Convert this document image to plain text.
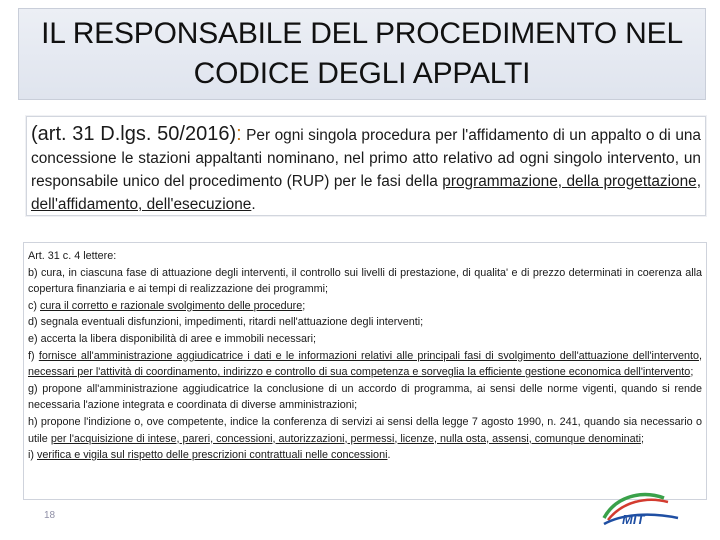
IL RESPONSABILE DEL PROCEDIMENTO NEL
CODICE DEGLI APPALTI

(art. 31 D.lgs. 50/2016): Per ogni singola procedura per l'affidamento di un appalto o di una concessione le stazioni appaltanti nominano, nel primo atto relativo ad ogni singolo intervento, un responsabile unico del procedimento (RUP) per le fasi della programmazione, della progettazione, dell'affidamento, dell'esecuzione.

Art. 31 c. 4 lettere:

b) cura, in ciascuna fase di attuazione degli interventi, il controllo sui livelli di prestazione, di qualita' e di prezzo determinati in coerenza alla copertura finanziaria e ai tempi di realizzazione dei programmi;

c) cura il corretto e razionale svolgimento delle procedure;

d) segnala eventuali disfunzioni, impedimenti, ritardi nell'attuazione degli interventi;

e) accerta la libera disponibilità di aree e immobili necessari;

f) fornisce all'amministrazione aggiudicatrice i dati e le informazioni relativi alle principali fasi di svolgimento dell'attuazione dell'intervento, necessari per l'attività di coordinamento, indirizzo e controllo di sua competenza e sorveglia la efficiente gestione economica dell'intervento;

g) propone all'amministrazione aggiudicatrice la conclusione di un accordo di programma, ai sensi delle norme vigenti, quando si rende necessaria l'azione integrata e coordinata di diverse amministrazioni;

h) propone l'indizione o, ove competente, indice la conferenza di servizi ai sensi della legge 7 agosto 1990, n. 241, quando sia necessario o utile per l'acquisizione di intese, pareri, concessioni, autorizzazioni, permessi, licenze, nulla osta, assensi, comunque denominati;

i) verifica e vigila sul rispetto delle prescrizioni contrattuali nelle concessioni.

18	MIT
